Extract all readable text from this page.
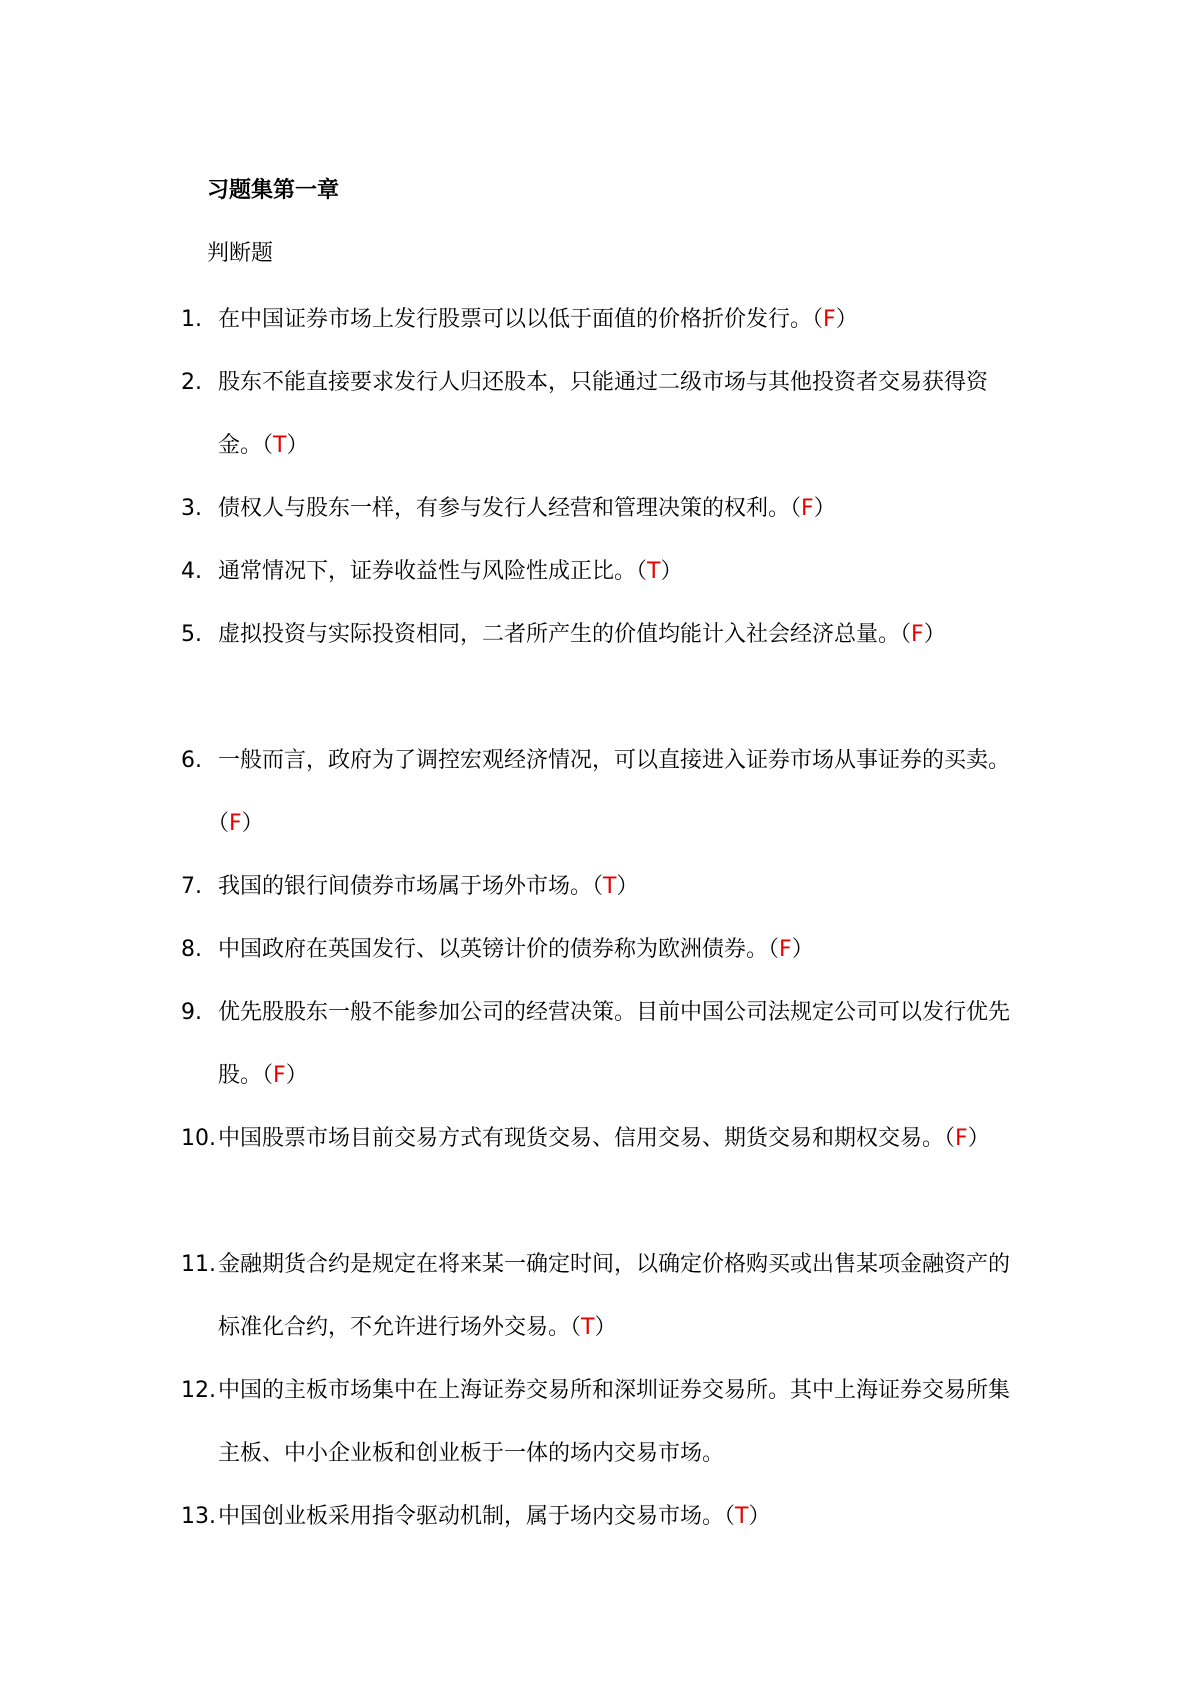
习题集第一章
判断题
1. 在中国证券市场上发行股票可以以低于面值的价格折价发行。（F）
2. 股东不能直接要求发行人归还股本，只能通过二级市场与其他投资者交易获得资金。（T）
3. 债权人与股东一样，有参与发行人经营和管理决策的权利。（F）
4. 通常情况下，证券收益性与风险性成正比。（T）
5. 虚拟投资与实际投资相同，二者所产生的价值均能计入社会经济总量。（F）
6. 一般而言，政府为了调控宏观经济情况，可以直接进入证券市场从事证券的买卖。（F）
7. 我国的银行间债券市场属于场外市场。（T）
8. 中国政府在英国发行、以英镑计价的债券称为欧洲债券。（F）
9. 优先股股东一般不能参加公司的经营决策。目前中国公司法规定公司可以发行优先股。（F）
10. 中国股票市场目前交易方式有现货交易、信用交易、期货交易和期权交易。（F）
11. 金融期货合约是规定在将来某一确定时间，以确定价格购买或出售某项金融资产的标准化合约，不允许进行场外交易。（T）
12. 中国的主板市场集中在上海证券交易所和深圳证券交易所。其中上海证券交易所集主板、中小企业板和创业板于一体的场内交易市场。
13. 中国创业板采用指令驱动机制，属于场内交易市场。（T）
